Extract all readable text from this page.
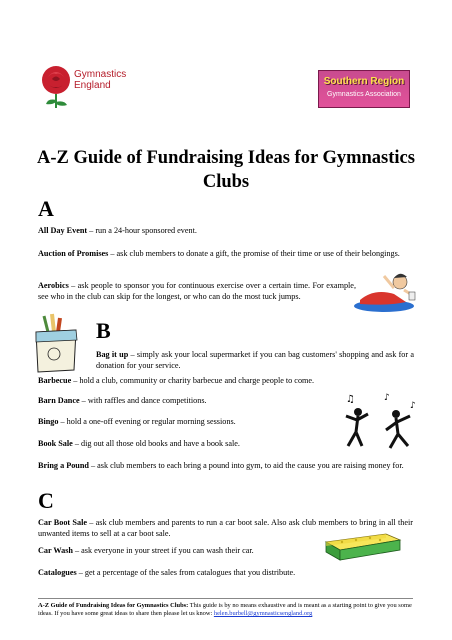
Gymnastics
England	Southern Region
Gymnastics Association
A-Z Guide of Fundraising Ideas for Gymnastics Clubs
A
All Day Event – run a 24-hour sponsored event.
Auction of Promises – ask club members to donate a gift, the promise of their time or use of their belongings.
Aerobics – ask people to sponsor you for continuous exercise over a certain time. For example, see who in the club can skip for the longest, or who can do the most tuck jumps.
B
Bag it up – simply ask your local supermarket if you can bag customers' shopping and ask for a donation for your service.
Barbecue – hold a club, community or charity barbecue and charge people to come.
Barn Dance – with raffles and dance competitions.
Bingo – hold a one-off evening or regular morning sessions.
Book Sale – dig out all those old books and have a book sale.
♫	♪
♪
Bring a Pound – ask club members to each bring a pound into gym, to aid the cause you are raising money for.
C
Car Boot Sale – ask club members and parents to run a car boot sale. Also ask club members to bring in all their unwanted items to sell at a car boot sale.
Car Wash – ask everyone in your street if you can wash their car.
Catalogues – get a percentage of the sales from catalogues that you distribute.
A-Z Guide of Fundraising Ideas for Gymnastics Clubs: This guide is by no means exhaustive and is meant as a starting point to give you some ideas. If you have some great ideas to share then please let us know: helen.burbell@gymnasticsengland.org
